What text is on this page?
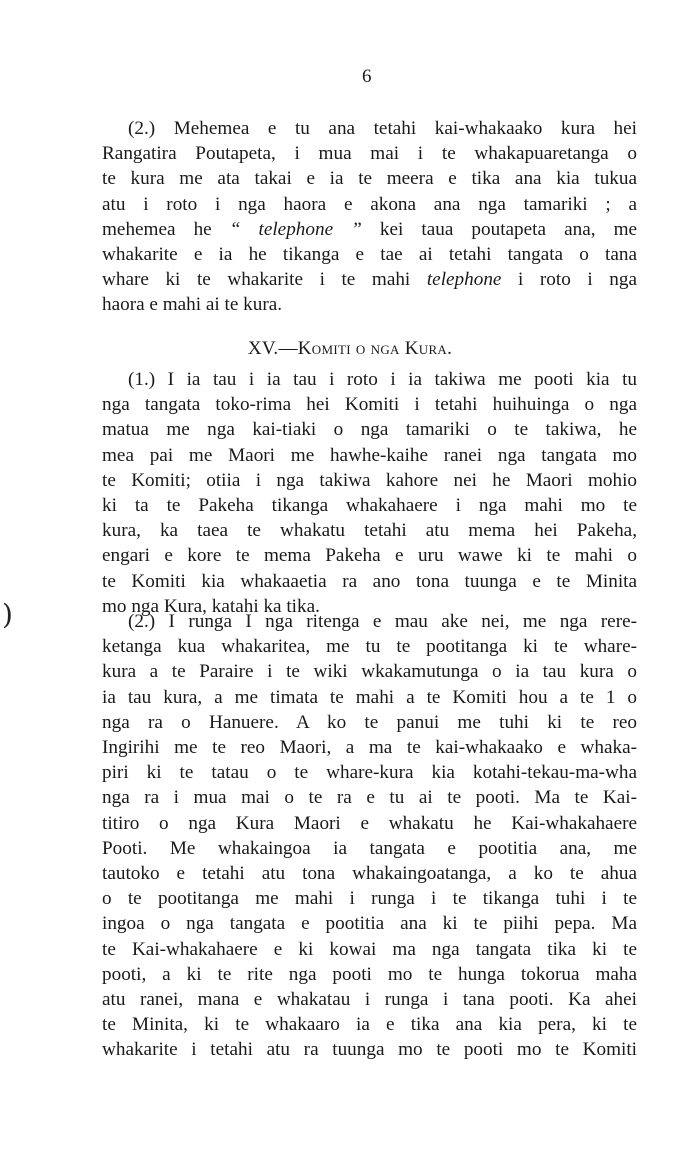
6
(2.) Mehemea e tu ana tetahi kai-whakaako kura hei
Rangatira Poutapeta, i mua mai i te whakapuaretanga o
te kura me ata takai e ia te meera e tika ana kia tukua
atu i roto i nga haora e akona ana nga tamariki ; a
mehemea he “ telephone ” kei taua poutapeta ana, me
whakarite e ia he tikanga e tae ai tetahi tangata o tana
whare ki te whakarite i te mahi telephone i roto i nga
haora e mahi ai te kura.
XV.—Komiti o nga Kura.
(1.) I ia tau i ia tau i roto i ia takiwa me pooti kia tu
nga tangata toko-rima hei Komiti i tetahi huihuinga o nga
matua me nga kai-tiaki o nga tamariki o te takiwa, he
mea pai me Maori me hawhe-kaihe ranei nga tangata mo
te Komiti; otiia i nga takiwa kahore nei he Maori mohio
ki ta te Pakeha tikanga whakahaere i nga mahi mo te
kura, ka taea te whakatu tetahi atu mema hei Pakeha,
engari e kore te mema Pakeha e uru wawe ki te mahi o
te Komiti kia whakaaetia ra ano tona tuunga e te Minita
mo nga Kura, katahi ka tika.
(2.) I runga I nga ritenga e mau ake nei, me nga rere-
ketanga kua whakaritea, me tu te pootitanga ki te whare-
kura a te Paraire i te wiki wkakamutunga o ia tau kura o
ia tau kura, a me timata te mahi a te Komiti hou a te 1 o
nga ra o Hanuere. A ko te panui me tuhi ki te reo
Ingirihi me te reo Maori, a ma te kai-whakaako e whaka-
piri ki te tatau o te whare-kura kia kotahi-tekau-ma-wha
nga ra i mua mai o te ra e tu ai te pooti. Ma te Kai-
titiro o nga Kura Maori e whakatu he Kai-whakahaere
Pooti. Me whakaingoa ia tangata e pootitia ana, me
tautoko e tetahi atu tona whakaingoatanga, a ko te ahua
o te pootitanga me mahi i runga i te tikanga tuhi i te
ingoa o nga tangata e pootitia ana ki te piihi pepa. Ma
te Kai-whakahaere e ki kowai ma nga tangata tika ki te
pooti, a ki te rite nga pooti mo te hunga tokorua maha
atu ranei, mana e whakatau i runga i tana pooti. Ka ahei
te Minita, ki te whakaaro ia e tika ana kia pera, ki te
whakarite i tetahi atu ra tuunga mo te pooti mo te Komiti
)
